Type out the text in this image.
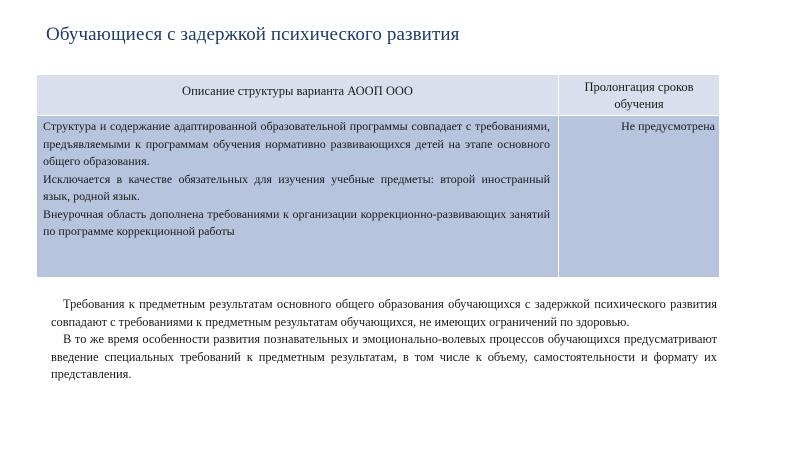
Обучающиеся с задержкой психического развития
Описание структуры варианта АООП ООО	Пролонгация сроков
обучения

Структура и содержание адаптированной образовательной программы совпадает с требованиями, предъявляемыми к программам обучения нормативно развивающихся детей на этапе основного общего образования.

Исключается в качестве обязательных для изучения учебные предметы: второй иностранный язык, родной язык.

Внеурочная область дополнена требованиями к организации коррекционно-развивающих занятий по программе коррекционной работы	Не предусмотрена

Требования к предметным результатам основного общего образования обучающихся с задержкой психического развития совпадают с требованиями к предметным результатам обучающихся, не имеющих ограничений по здоровью.

В то же время особенности развития познавательных и эмоционально-волевых процессов обучающихся предусматривают введение специальных требований к предметным результатам, в том числе к объему, самостоятельности и формату их представления.
